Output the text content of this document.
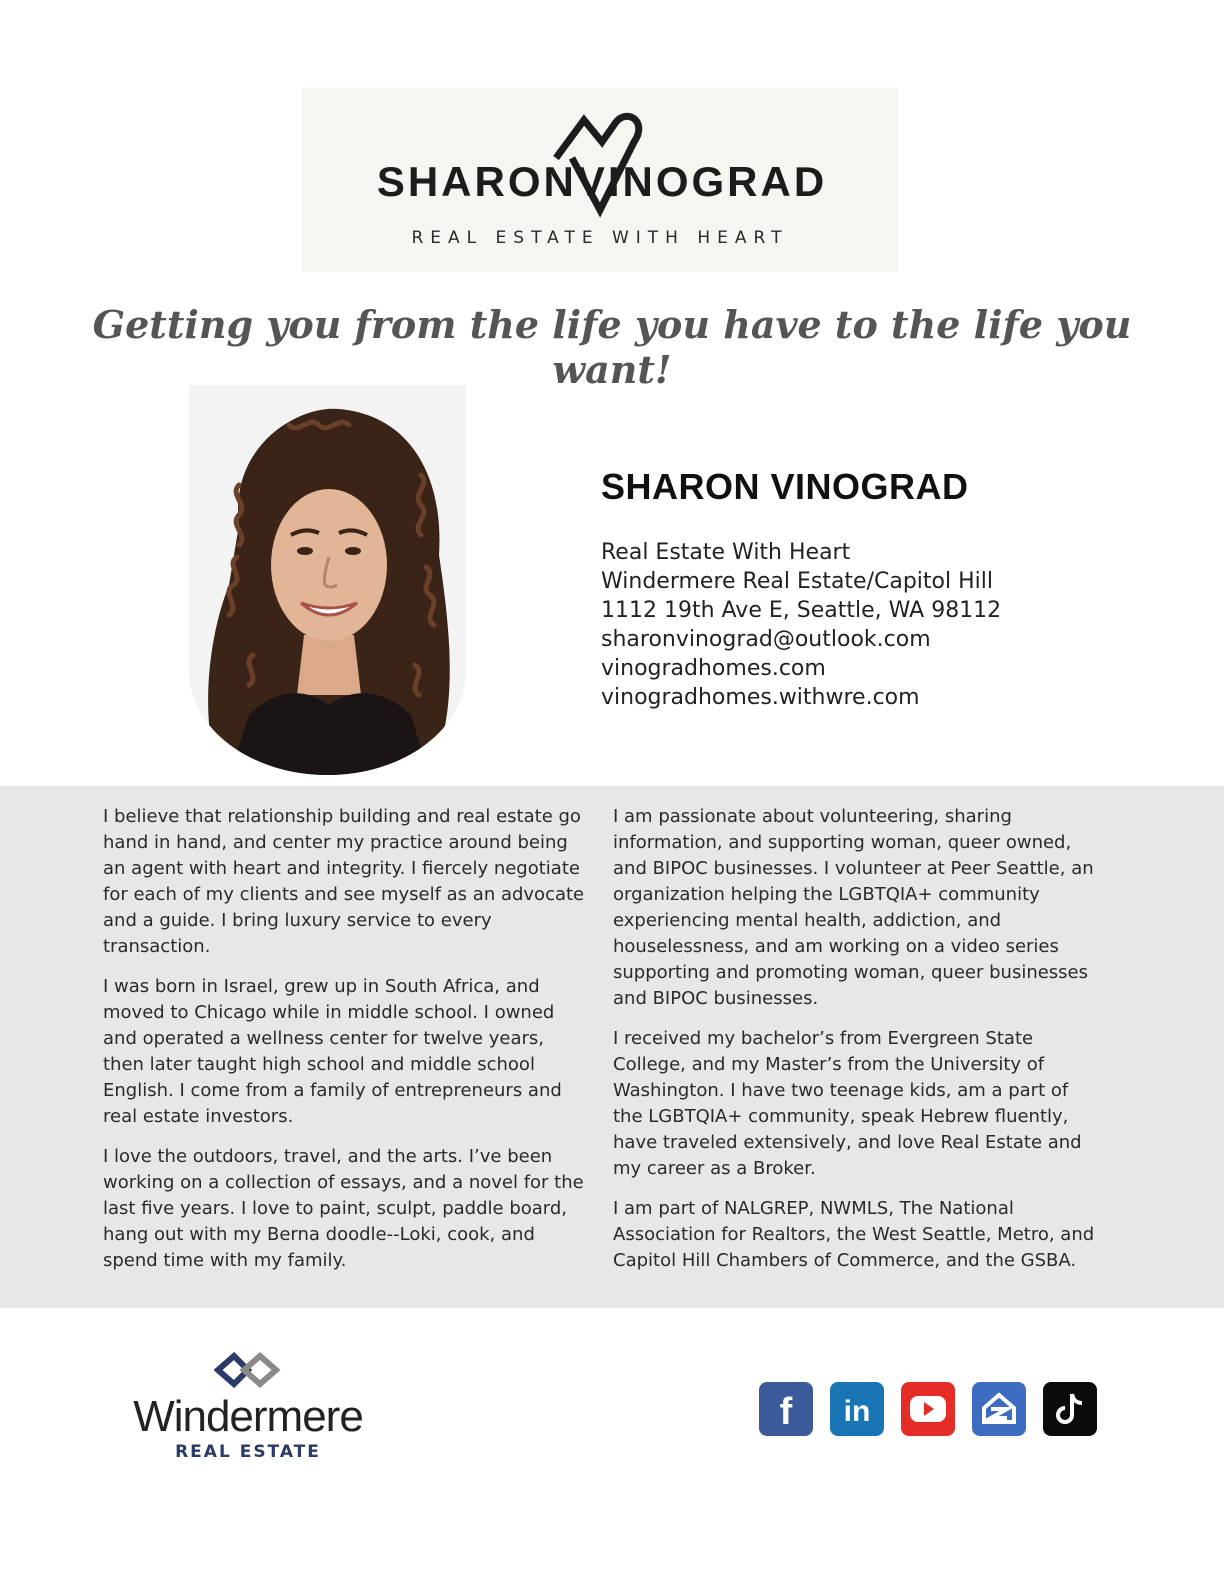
SHARONVINOGRAD
REAL ESTATE WITH HEART
Getting you from the life you have to the life you want!
SHARON VINOGRAD
Real Estate With Heart
Windermere Real Estate/Capitol Hill
1112 19th Ave E, Seattle, WA 98112
sharonvinograd@outlook.com
vinogradhomes.com
vinogradhomes.withwre.com

I believe that relationship building and real estate go hand in hand, and center my practice around being an agent with heart and integrity. I fiercely negotiate for each of my clients and see myself as an advocate and a guide. I bring luxury service to every transaction.

I was born in Israel, grew up in South Africa, and moved to Chicago while in middle school. I owned and operated a wellness center for twelve years, then later taught high school and middle school English. I come from a family of entrepreneurs and real estate investors.

I love the outdoors, travel, and the arts. I’ve been working on a collection of essays, and a novel for the last five years. I love to paint, sculpt, paddle board, hang out with my Berna doodle--Loki, cook, and spend time with my family.

I am passionate about volunteering, sharing information, and supporting woman, queer owned, and BIPOC businesses. I volunteer at Peer Seattle, an organization helping the LGBTQIA+ community experiencing mental health, addiction, and houselessness, and am working on a video series supporting and promoting woman, queer businesses and BIPOC businesses.

I received my bachelor’s from Evergreen State College, and my Master’s from the University of Washington. I have two teenage kids, am a part of the LGBTQIA+ community, speak Hebrew fluently, have traveled extensively, and love Real Estate and my career as a Broker.

I am part of NALGREP, NWMLS, The National Association for Realtors, the West Seattle, Metro, and Capitol Hill Chambers of Commerce, and the GSBA.

Windermere
REAL ESTATE
f in
